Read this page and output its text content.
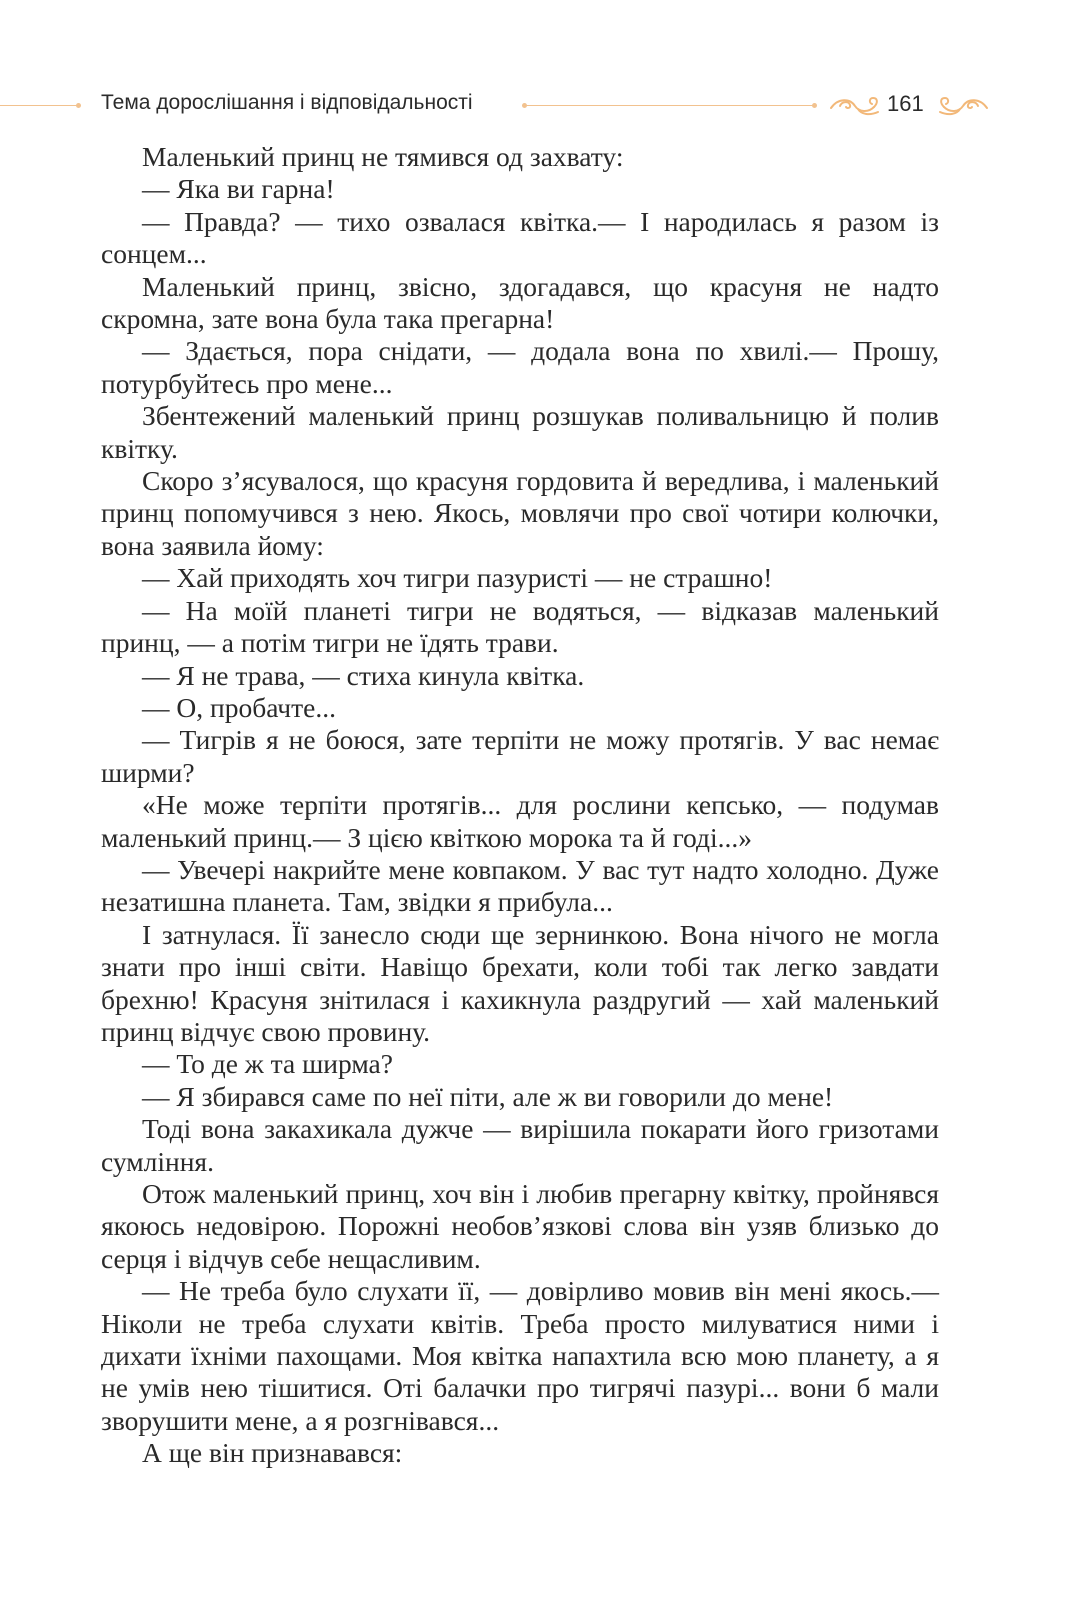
Тема дорослішання і відповідальності	161

Маленький принц не тямився од захвату:

— Яка ви гарна!

— Правда? — тихо озвалася квітка.— І народилась я разом із сонцем...

Маленький принц, звісно, здогадався, що красуня не надто скромна, зате вона була така прегарна!

— Здається, пора снідати, — додала вона по хвилі.— Прошу, потурбуйтесь про мене...

Збентежений маленький принц розшукав поливальницю й полив квітку.

Скоро з’ясувалося, що красуня гордовита й вередлива, і маленький принц попомучився з нею. Якось, мовлячи про свої чотири колючки, вона заявила йому:

— Хай приходять хоч тигри пазуристі — не страшно!

— На моїй планеті тигри не водяться, — відказав маленький принц, — а потім тигри не їдять трави.

— Я не трава, — стиха кинула квітка.

— О, пробачте...

— Тигрів я не боюся, зате терпіти не можу протягів. У вас немає ширми?

«Не може терпіти протягів... для рослини кепсько, — подумав маленький принц.— З цією квіткою морока та й годі...»

— Увечері накрийте мене ковпаком. У вас тут надто холодно. Дуже незатишна планета. Там, звідки я прибула...

І затнулася. Її занесло сюди ще зернинкою. Вона нічого не могла знати про інші світи. Навіщо брехати, коли тобі так легко завдати брехню! Красуня знітилася і кахикнула раздругий — хай маленький принц відчує свою провину.

— То де ж та ширма?

— Я збирався саме по неї піти, але ж ви говорили до мене!

Тоді вона закахикала дужче — вирішила покарати його гризотами сумління.

Отож маленький принц, хоч він і любив прегарну квітку, пройнявся якоюсь недовірою. Порожні необов’язкові слова він узяв близько до серця і відчув себе нещасливим.

— Не треба було слухати її, — довірливо мовив він мені якось.— Ніколи не треба слухати квітів. Треба просто милуватися ними і дихати їхніми пахощами. Моя квітка напахтила всю мою планету, а я не умів нею тішитися. Оті балачки про тигрячі пазурі... вони б мали зворушити мене, а я розгнівався...

А ще він признавався:
